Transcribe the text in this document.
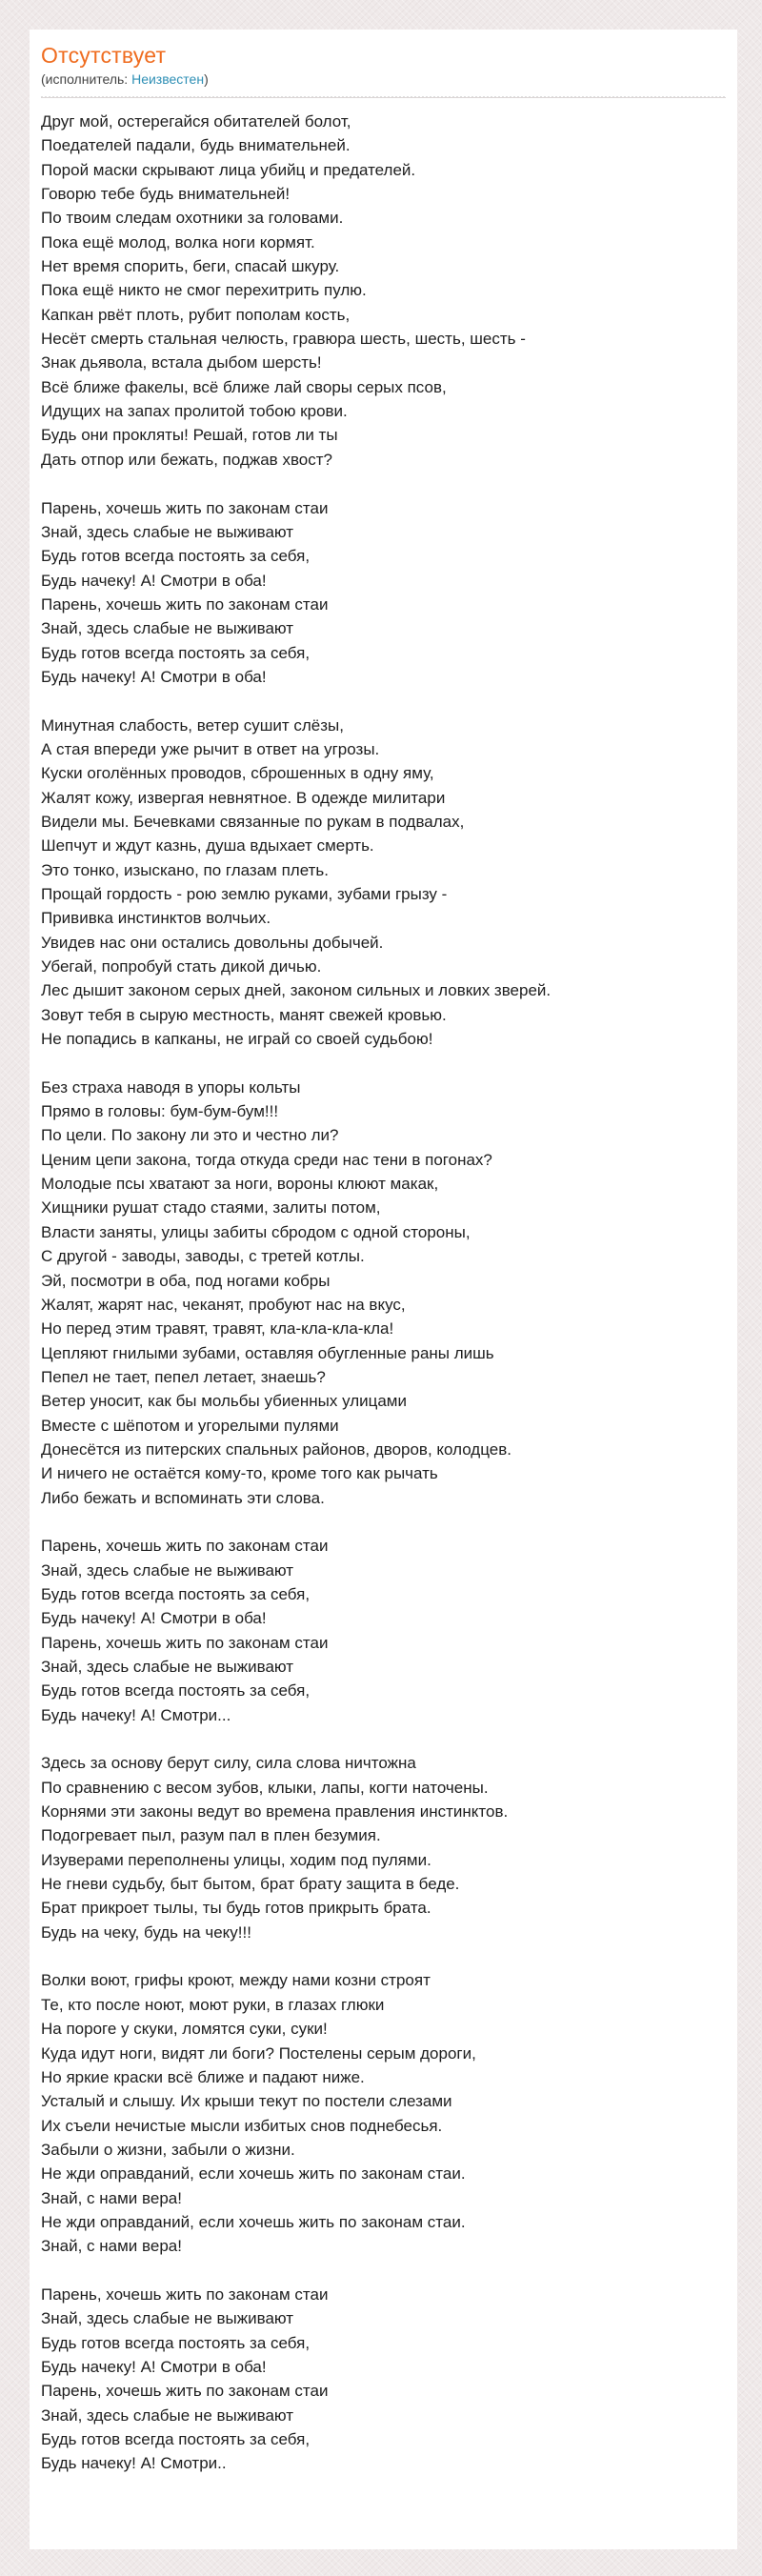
Отсутствует
(исполнитель: Неизвестен)
Друг мой, остерегайся обитателей болот,
Поедателей падали, будь внимательней.
Порой маски скрывают лица убийц и предателей.
Говорю тебе будь внимательней!
По твоим следам охотники за головами.
Пока ещё молод, волка ноги кормят.
Нет время спорить, беги, спасай шкуру.
Пока ещё никто не смог перехитрить пулю.
Капкан рвёт плоть, рубит пополам кость,
Несёт смерть стальная челюсть, гравюра шесть, шесть, шесть -
Знак дьявола, встала дыбом шерсть!
Всё ближе факелы, всё ближе лай своры серых псов,
Идущих на запах пролитой тобою крови.
Будь они прокляты! Решай, готов ли ты
Дать отпор или бежать, поджав хвост?
Парень, хочешь жить по законам стаи
Знай, здесь слабые не выживают
Будь готов всегда постоять за себя,
Будь начеку! А! Смотри в оба!
Парень, хочешь жить по законам стаи
Знай, здесь слабые не выживают
Будь готов всегда постоять за себя,
Будь начеку! А! Смотри в оба!
Минутная слабость, ветер сушит слёзы,
А стая впереди уже рычит в ответ на угрозы.
Куски оголённых проводов, сброшенных в одну яму,
Жалят кожу, извергая невнятное. В одежде милитари
Видели мы. Бечевками связанные по рукам в подвалах,
Шепчут и ждут казнь, душа вдыхает смерть.
Это тонко, изыскано, по глазам плеть.
Прощай гордость - рою землю руками, зубами грызу -
Прививка инстинктов волчьих.
Увидев нас они остались довольны добычей.
Убегай, попробуй стать дикой дичью.
Лес дышит законом серых дней, законом сильных и ловких зверей.
Зовут тебя в сырую местность, манят свежей кровью.
Не попадись в капканы, не играй со своей судьбою!
Без страха наводя в упоры кольты
Прямо в головы: бум-бум-бум!!!
По цели. По закону ли это и честно ли?
Ценим цепи закона, тогда откуда среди нас тени в погонах?
Молодые псы хватают за ноги, вороны клюют макак,
Хищники рушат стадо стаями, залиты потом,
Власти заняты, улицы забиты сбродом с одной стороны,
С другой - заводы, заводы, с третей котлы.
Эй, посмотри в оба, под ногами кобры
Жалят, жарят нас, чеканят, пробуют нас на вкус,
Но перед этим травят, травят, кла-кла-кла-кла!
Цепляют гнилыми зубами, оставляя обугленные раны лишь
Пепел не тает, пепел летает, знаешь?
Ветер уносит, как бы мольбы убиенных улицами
Вместе с шёпотом и угорелыми пулями
Донесётся из питерских спальных районов, дворов, колодцев.
И ничего не остаётся кому-то, кроме того как рычать
Либо бежать и вспоминать эти слова.
Парень, хочешь жить по законам стаи
Знай, здесь слабые не выживают
Будь готов всегда постоять за себя,
Будь начеку! А! Смотри в оба!
Парень, хочешь жить по законам стаи
Знай, здесь слабые не выживают
Будь готов всегда постоять за себя,
Будь начеку! А! Смотри...
Здесь за основу берут силу, сила слова ничтожна
По сравнению с весом зубов, клыки, лапы, когти наточены.
Корнями эти законы ведут во времена правления инстинктов.
Подогревает пыл, разум пал в плен безумия.
Изуверами переполнены улицы, ходим под пулями.
Не гневи судьбу, быт бытом, брат брату защита в беде.
Брат прикроет тылы, ты будь готов прикрыть брата.
Будь на чеку, будь на чеку!!!
Волки воют, грифы кроют, между нами козни строят
Те, кто после ноют, моют руки, в глазах глюки
На пороге у скуки, ломятся суки, суки!
Куда идут ноги, видят ли боги? Постелены серым дороги,
Но яркие краски всё ближе и падают ниже.
Усталый и слышу. Их крыши текут по постели слезами
Их съели нечистые мысли избитых снов поднебесья.
Забыли о жизни, забыли о жизни.
Не жди оправданий, если хочешь жить по законам стаи.
Знай, с нами вера!
Не жди оправданий, если хочешь жить по законам стаи.
Знай, с нами вера!
Парень, хочешь жить по законам стаи
Знай, здесь слабые не выживают
Будь готов всегда постоять за себя,
Будь начеку! А! Смотри в оба!
Парень, хочешь жить по законам стаи
Знай, здесь слабые не выживают
Будь готов всегда постоять за себя,
Будь начеку! А! Смотри..
